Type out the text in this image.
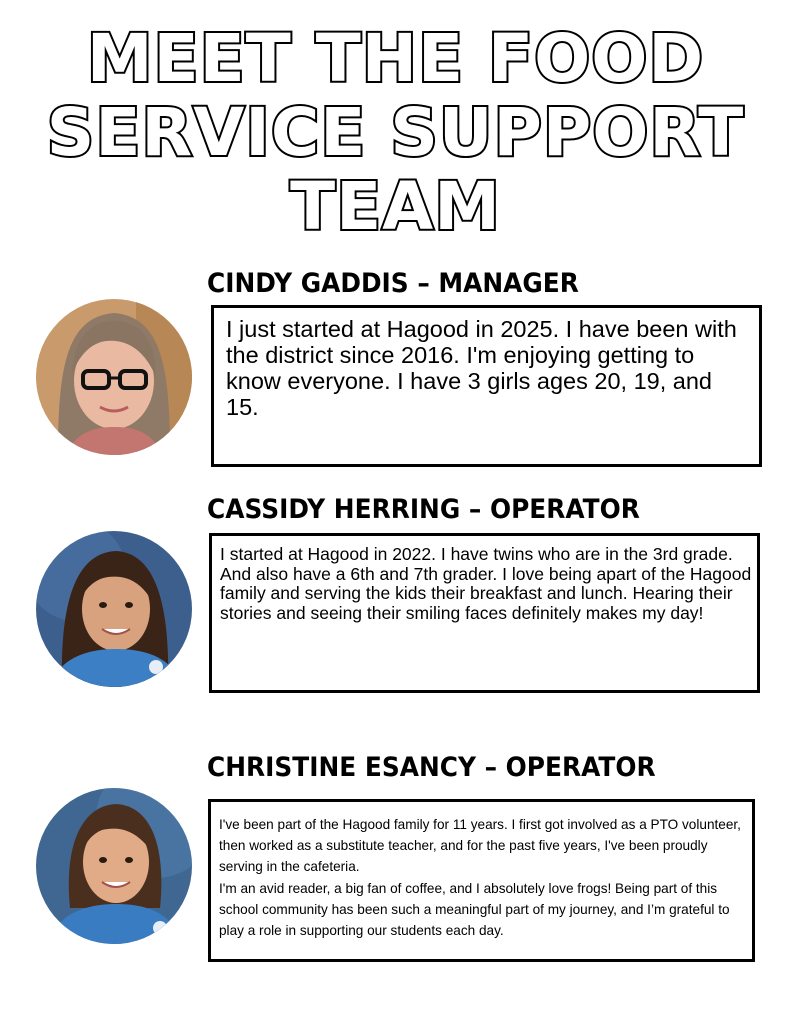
MEET THE FOOD
SERVICE SUPPORT
TEAM
CINDY GADDIS – MANAGER

I just started at Hagood in 2025. I have been with the district since 2016. I'm enjoying getting to know everyone. I have 3 girls ages 20, 19, and 15.

CASSIDY HERRING – OPERATOR

I started at Hagood in 2022. I have twins who are in the 3rd grade. And also have a 6th and 7th grader. I love being apart of the Hagood family and serving the kids their breakfast and lunch. Hearing their stories and seeing their smiling faces definitely makes my day!

CHRISTINE ESANCY – OPERATOR

I've been part of the Hagood family for 11 years. I first got involved as a PTO volunteer, then worked as a substitute teacher, and for the past five years, I've been proudly serving in the cafeteria.

I'm an avid reader, a big fan of coffee, and I absolutely love frogs! Being part of this school community has been such a meaningful part of my journey, and I’m grateful to play a role in supporting our students each day.
